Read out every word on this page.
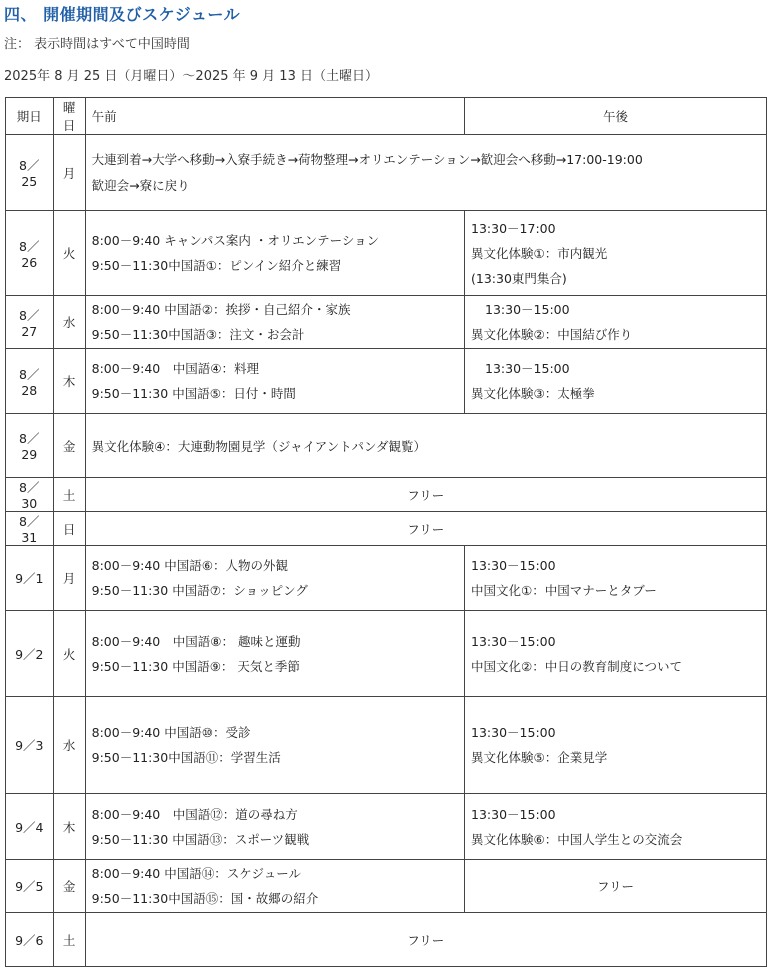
四、 開催期間及びスケジュール
注： 表示時間はすべて中国時間
2025年 8 月 25 日（月曜日）～2025 年 9 月 13 日（土曜日）
期日	曜日	午前	午後
8／25	月	大連到着→大学へ移動→入寮手続き→荷物整理→オリエンテーション→歓迎会へ移動→17:00-19:00
歓迎会→寮に戻り	

8／26	火	8:00－9:40 キャンパス案内 ・オリエンテーション
9:50－11:30中国語①：ピンイン紹介と練習	13:30－17:00
異文化体験①：市内観光
(13:30東門集合)

8／27	水	8:00－9:40 中国語②：挨拶・自己紹介・家族
9:50－11:30中国語③：注文・お会計	13:30－15:00
異文化体験②：中国結び作り

8／28	木	8:00－9:40　中国語④：料理
9:50－11:30 中国語⑤：日付・時間	13:30－15:00
異文化体験③：太極拳

8／29	金	異文化体験④：大連動物園見学（ジャイアントパンダ観覧）	
8／30	土	フリー	
8／31	日	フリー	
9／1	月	8:00－9:40 中国語⑥：人物の外観
9:50－11:30 中国語⑦：ショッピング	13:30－15:00
中国文化①：中国マナーとタブー

9／2	火	8:00－9:40　中国語⑧： 趣味と運動
9:50－11:30 中国語⑨： 天気と季節	13:30－15:00
中国文化②：中日の教育制度について

9／3	水	8:00－9:40 中国語⑩：受診
9:50－11:30中国語⑪：学習生活	13:30－15:00
異文化体験⑤：企業見学

9／4	木	8:00－9:40　中国語⑫：道の尋ね方
9:50－11:30 中国語⑬：スポーツ観戦	13:30－15:00
異文化体験⑥：中国人学生との交流会

9／5	金	8:00－9:40 中国語⑭：スケジュール
9:50－11:30中国語⑮：国・故郷の紹介	フリー
9／6	土	フリー	
